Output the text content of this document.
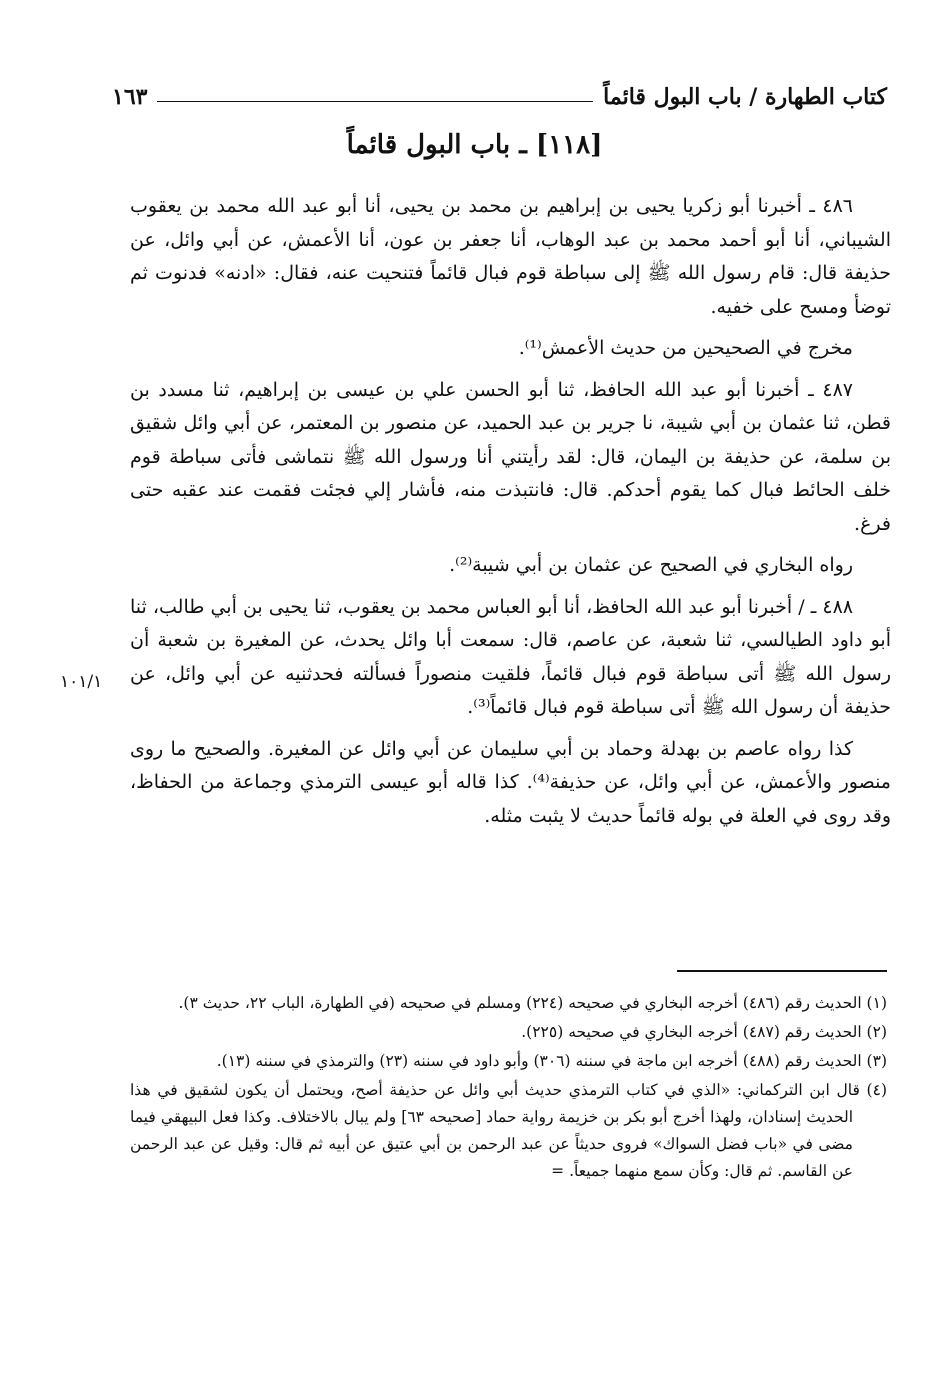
كتاب الطهارة / باب البول قائماً
١٦٣
[١١٨] ـ باب البول قائماً

٤٨٦ ـ أخبرنا أبو زكريا يحيى بن إبراهيم بن محمد بن يحيى، أنا أبو عبد الله محمد بن يعقوب الشيباني، أنا أبو أحمد محمد بن عبد الوهاب، أنا جعفر بن عون، أنا الأعمش، عن أبي وائل، عن حذيفة قال: قام رسول الله ﷺ إلى سباطة قوم فبال قائماً فتنحيت عنه، فقال: «ادنه» فدنوت ثم توضأ ومسح على خفيه.

مخرج في الصحيحين من حديث الأعمش⁽¹⁾.

٤٨٧ ـ أخبرنا أبو عبد الله الحافظ، ثنا أبو الحسن علي بن عيسى بن إبراهيم، ثنا مسدد بن قطن، ثنا عثمان بن أبي شيبة، نا جرير بن عبد الحميد، عن منصور بن المعتمر، عن أبي وائل شقيق بن سلمة، عن حذيفة بن اليمان، قال: لقد رأيتني أنا ورسول الله ﷺ نتماشى فأتى سباطة قوم خلف الحائط فبال كما يقوم أحدكم. قال: فانتبذت منه، فأشار إلي فجئت فقمت عند عقبه حتى فرغ.

رواه البخاري في الصحيح عن عثمان بن أبي شيبة⁽²⁾.

٤٨٨ ـ / أخبرنا أبو عبد الله الحافظ، أنا أبو العباس محمد بن يعقوب، ثنا يحيى بن أبي طالب، ثنا أبو داود الطيالسي، ثنا شعبة، عن عاصم، قال: سمعت أبا وائل يحدث، عن المغيرة بن شعبة أن رسول الله ﷺ أتى سباطة قوم فبال قائماً، فلقيت منصوراً فسألته فحدثنيه عن أبي وائل، عن حذيفة أن رسول الله ﷺ أتى سباطة قوم فبال قائماً⁽³⁾.

كذا رواه عاصم بن بهدلة وحماد بن أبي سليمان عن أبي وائل عن المغيرة. والصحيح ما روى منصور والأعمش، عن أبي وائل، عن حذيفة⁽⁴⁾. كذا قاله أبو عيسى الترمذي وجماعة من الحفاظ، وقد روى في العلة في بوله قائماً حديث لا يثبت مثله.

١٠١/١

(١) الحديث رقم (٤٨٦) أخرجه البخاري في صحيحه (٢٢٤) ومسلم في صحيحه (في الطهارة، الباب ٢٢، حديث ٣).

(٢) الحديث رقم (٤٨٧) أخرجه البخاري في صحيحه (٢٢٥).

(٣) الحديث رقم (٤٨٨) أخرجه ابن ماجة في سننه (٣٠٦) وأبو داود في سننه (٢٣) والترمذي في سننه (١٣).

(٤) قال ابن التركماني: «الذي في كتاب الترمذي حديث أبي وائل عن حذيفة أصح، ويحتمل أن يكون لشقيق في هذا الحديث إسنادان، ولهذا أخرج أبو بكر بن خزيمة رواية حماد [صحيحه ٦٣] ولم يبال بالاختلاف. وكذا فعل البيهقي فيما مضى في «باب فضل السواك» فروى حديثاً عن عبد الرحمن بن أبي عتيق عن أبيه ثم قال: وقيل عن عبد الرحمن عن القاسم. ثم قال: وكأن سمع منهما جميعاً. =
